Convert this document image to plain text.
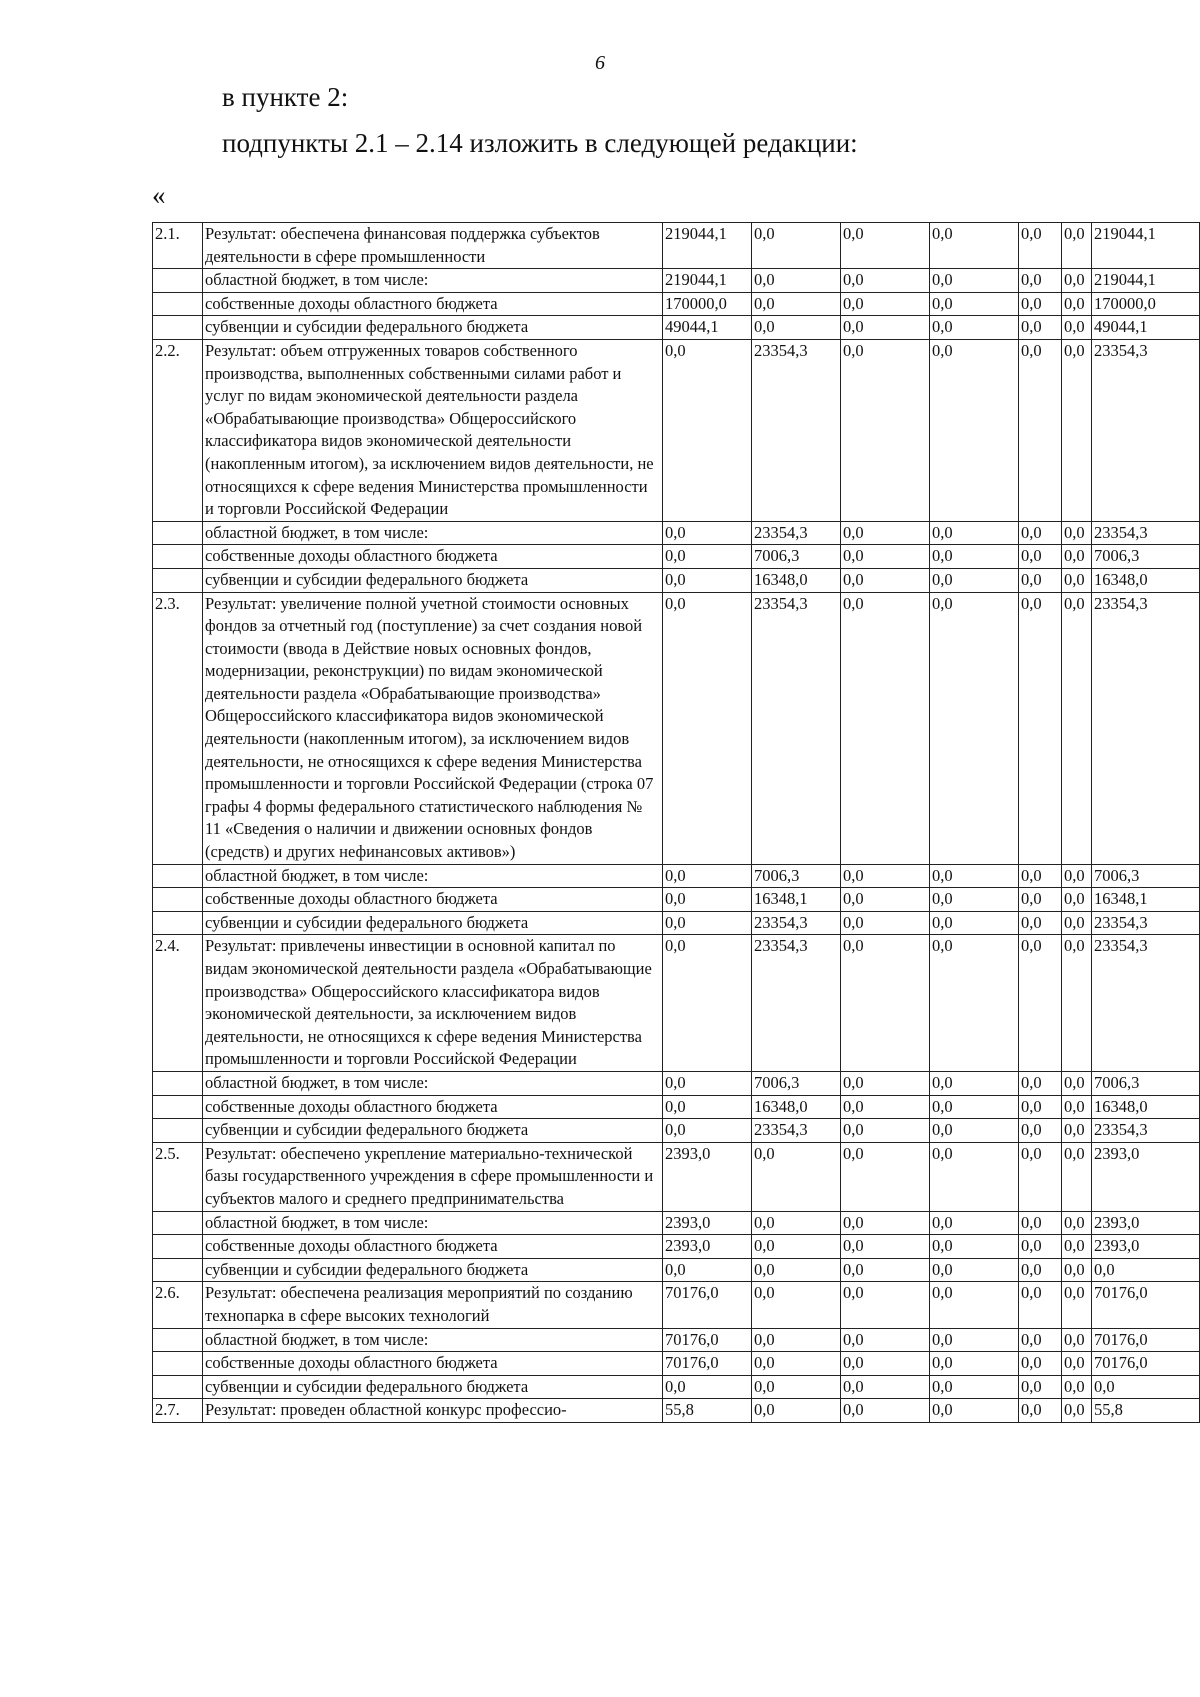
6
в пункте 2:
подпункты 2.1 – 2.14 изложить в следующей редакции:
«
2.1.	Результат: обеспечена финансовая поддержка субъектов деятельности в сфере промышленности	219044,1	0,0	0,0	0,0	0,0	0,0	219044,1
	областной бюджет, в том числе:	219044,1	0,0	0,0	0,0	0,0	0,0	219044,1
	собственные доходы областного бюджета	170000,0	0,0	0,0	0,0	0,0	0,0	170000,0
	субвенции и субсидии федерального бюджета	49044,1	0,0	0,0	0,0	0,0	0,0	49044,1
2.2.	Результат: объем отгруженных товаров собственного производства, выполненных собственными силами работ и услуг по видам экономической деятельности раздела «Обрабатывающие производства» Общероссийского классификатора видов экономической деятельности (накопленным итогом), за исключением видов деятельности, не относящихся к сфере ведения Министерства промышленности и торговли Российской Федерации	0,0	23354,3	0,0	0,0	0,0	0,0	23354,3
	областной бюджет, в том числе:	0,0	23354,3	0,0	0,0	0,0	0,0	23354,3
	собственные доходы областного бюджета	0,0	7006,3	0,0	0,0	0,0	0,0	7006,3
	субвенции и субсидии федерального бюджета	0,0	16348,0	0,0	0,0	0,0	0,0	16348,0
2.3.	Результат: увеличение полной учетной стоимости основных фондов за отчетный год (поступление) за счет создания новой стоимости (ввода в Действие новых основных фондов, модернизации, реконструкции) по видам экономической деятельности раздела «Обрабатывающие производства» Общероссийского классификатора видов экономической деятельности (накопленным итогом), за исключением видов деятельности, не относящихся к сфере ведения Министерства промышленности и торговли Российской Федерации (строка 07 графы 4 формы федерального статистического наблюдения № 11 «Сведения о наличии и движении основных фондов (средств) и других нефинансовых активов»)	0,0	23354,3	0,0	0,0	0,0	0,0	23354,3
	областной бюджет, в том числе:	0,0	7006,3	0,0	0,0	0,0	0,0	7006,3
	собственные доходы областного бюджета	0,0	16348,1	0,0	0,0	0,0	0,0	16348,1
	субвенции и субсидии федерального бюджета	0,0	23354,3	0,0	0,0	0,0	0,0	23354,3
2.4.	Результат: привлечены инвестиции в основной капитал по видам экономической деятельности раздела «Обрабатывающие производства» Общероссийского классификатора видов экономической деятельности, за исключением видов деятельности, не относящихся к сфере ведения Министерства промышленности и торговли Российской Федерации	0,0	23354,3	0,0	0,0	0,0	0,0	23354,3
	областной бюджет, в том числе:	0,0	7006,3	0,0	0,0	0,0	0,0	7006,3
	собственные доходы областного бюджета	0,0	16348,0	0,0	0,0	0,0	0,0	16348,0
	субвенции и субсидии федерального бюджета	0,0	23354,3	0,0	0,0	0,0	0,0	23354,3
2.5.	Результат: обеспечено укрепление материально-технической базы государственного учреждения в сфере промышленности и субъектов малого и среднего предпринимательства	2393,0	0,0	0,0	0,0	0,0	0,0	2393,0
	областной бюджет, в том числе:	2393,0	0,0	0,0	0,0	0,0	0,0	2393,0
	собственные доходы областного бюджета	2393,0	0,0	0,0	0,0	0,0	0,0	2393,0
	субвенции и субсидии федерального бюджета	0,0	0,0	0,0	0,0	0,0	0,0	0,0
2.6.	Результат: обеспечена реализация мероприятий по созданию технопарка в сфере высоких технологий	70176,0	0,0	0,0	0,0	0,0	0,0	70176,0
	областной бюджет, в том числе:	70176,0	0,0	0,0	0,0	0,0	0,0	70176,0
	собственные доходы областного бюджета	70176,0	0,0	0,0	0,0	0,0	0,0	70176,0
	субвенции и субсидии федерального бюджета	0,0	0,0	0,0	0,0	0,0	0,0	0,0
2.7.	Результат: проведен областной конкурс профессио-	55,8	0,0	0,0	0,0	0,0	0,0	55,8
